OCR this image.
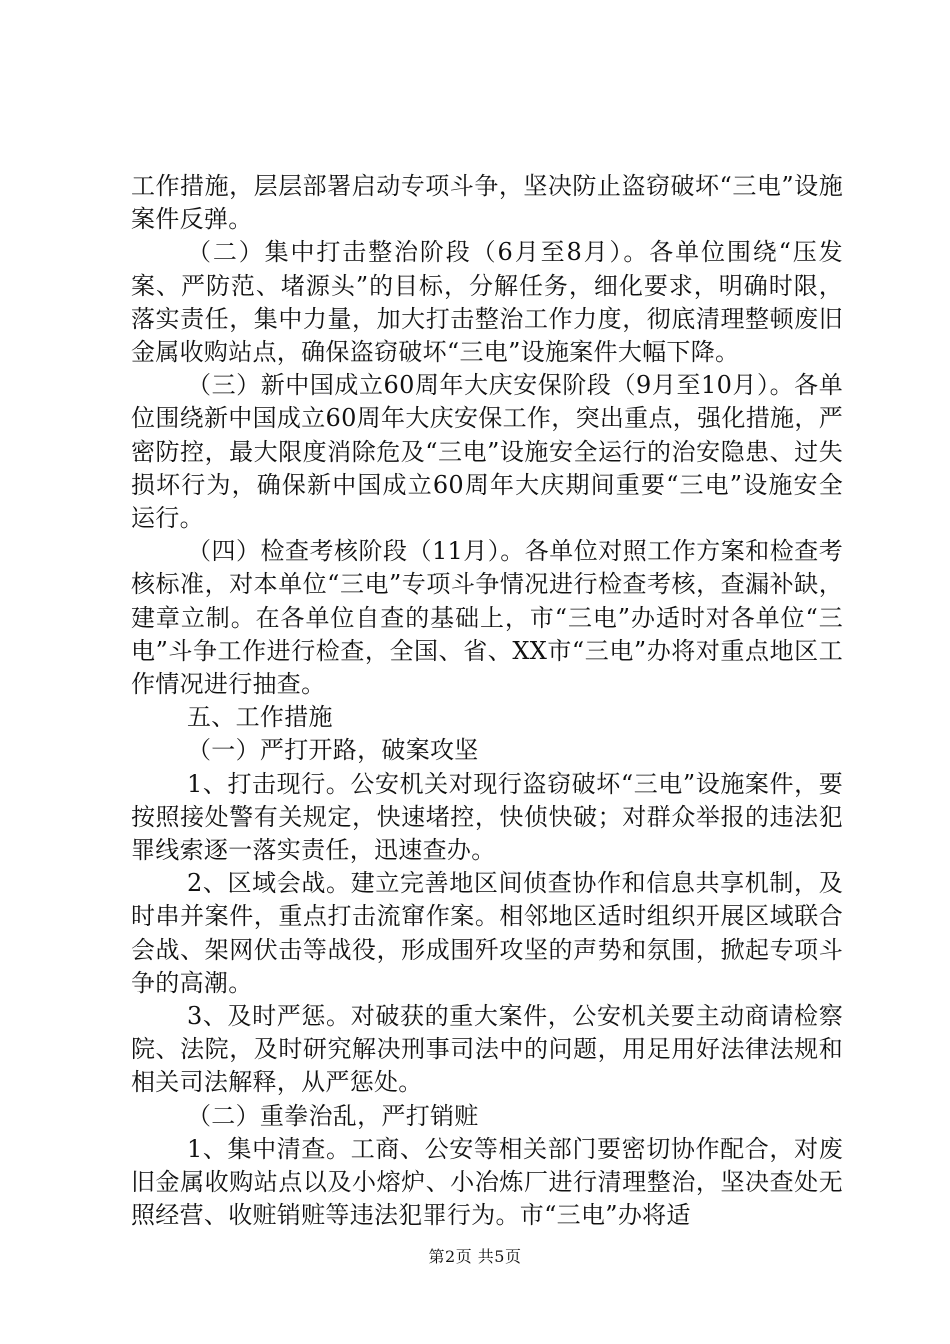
工作措施，层层部署启动专项斗争，坚决防止盗窃破坏“三电”设施案件反弹。

（二）集中打击整治阶段（6月至8月）。各单位围绕“压发案、严防范、堵源头”的目标，分解任务，细化要求，明确时限，落实责任，集中力量，加大打击整治工作力度，彻底清理整顿废旧金属收购站点，确保盗窃破坏“三电”设施案件大幅下降。

（三）新中国成立60周年大庆安保阶段（9月至10月）。各单位围绕新中国成立60周年大庆安保工作，突出重点，强化措施，严密防控，最大限度消除危及“三电”设施安全运行的治安隐患、过失损坏行为，确保新中国成立60周年大庆期间重要“三电”设施安全运行。

（四）检查考核阶段（11月）。各单位对照工作方案和检查考核标准，对本单位“三电”专项斗争情况进行检查考核，查漏补缺，建章立制。在各单位自查的基础上，市“三电”办适时对各单位“三电”斗争工作进行检查，全国、省、XX市“三电”办将对重点地区工作情况进行抽查。

五、工作措施

（一）严打开路，破案攻坚

1、打击现行。公安机关对现行盗窃破坏“三电”设施案件，要按照接处警有关规定，快速堵控，快侦快破；对群众举报的违法犯罪线索逐一落实责任，迅速查办。

2、区域会战。建立完善地区间侦查协作和信息共享机制，及时串并案件，重点打击流窜作案。相邻地区适时组织开展区域联合会战、架网伏击等战役，形成围歼攻坚的声势和氛围，掀起专项斗争的高潮。

3、及时严惩。对破获的重大案件，公安机关要主动商请检察院、法院，及时研究解决刑事司法中的问题，用足用好法律法规和相关司法解释，从严惩处。

（二）重拳治乱，严打销赃

1、集中清查。工商、公安等相关部门要密切协作配合，对废旧金属收购站点以及小熔炉、小冶炼厂进行清理整治，坚决查处无照经营、收赃销赃等违法犯罪行为。市“三电”办将适

第2页 共5页
